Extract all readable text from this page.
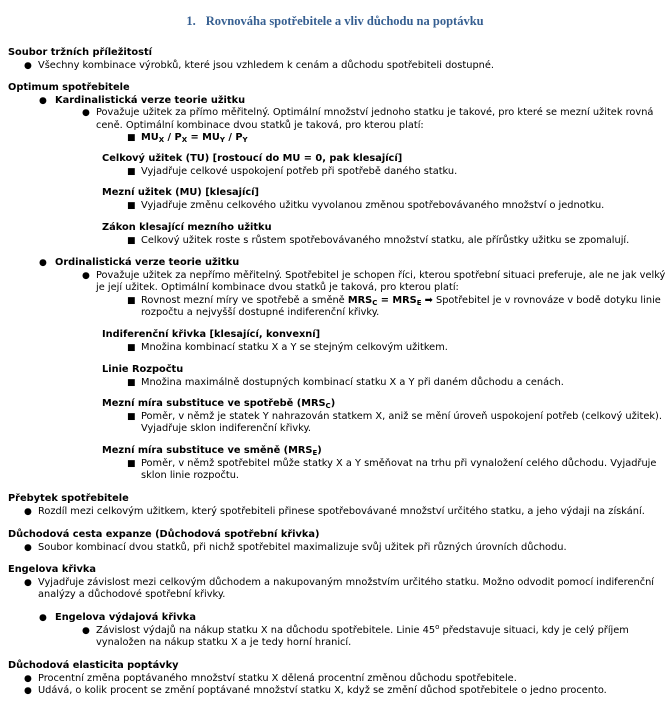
1. Rovnováha spotřebitele a vliv důchodu na poptávku
Soubor tržních příležitostí
● Všechny kombinace výrobků, které jsou vzhledem k cenám a důchodu spotřebiteli dostupné.
Optimum spotřebitele
● Kardinalistická verze teorie užitku
● Považuje užitek za přímo měřitelný. Optimální množství jednoho statku je takové, pro které se mezní užitek rovná ceně. Optimální kombinace dvou statků je taková, pro kterou platí:
■ $MU_X / P_X = MU_Y / P_Y$
Celkový užitek (TU) [rostoucí do MU = 0, pak klesající]
■ Vyjadřuje celkové uspokojení potřeb při spotřebě daného statku.
Mezní užitek (MU) [klesající]
■ Vyjadřuje změnu celkového užitku vyvolanou změnou spotřebovávaného množství o jednotku.
Zákon klesající mezního užitku
■ Celkový užitek roste s růstem spotřebovávaného množství statku, ale přírůstky užitku se zpomalují.
● Ordinalistická verze teorie užitku
● Považuje užitek za nepřímo měřitelný. Spotřebitel je schopen říci, kterou spotřební situaci preferuje, ale ne jak velký je její užitek. Optimální kombinace dvou statků je taková, pro kterou platí:
■ Rovnost mezní míry ve spotřebě a směně $MRS_C = MRS_E$ ➡ Spotřebitel je v rovnováze v bodě dotyku linie rozpočtu a nejvyšší dostupné indiferenční křivky.
Indiferenční křivka [klesající, konvexní]
■ Množina kombinací statku X a Y se stejným celkovým užitkem.
Linie Rozpočtu
■ Množina maximálně dostupných kombinací statku X a Y při daném důchodu a cenách.
Mezní míra substituce ve spotřebě $(MRS_C)$
■ Poměr, v němž je statek Y nahrazován statkem X, aniž se mění úroveň uspokojení potřeb (celkový užitek). Vyjadřuje sklon indiferenční křivky.
Mezní míra substituce ve směně $(MRS_E)$
■ Poměr, v němž spotřebitel může statky X a Y směňovat na trhu při vynaložení celého důchodu. Vyjadřuje sklon linie rozpočtu.
Přebytek spotřebitele
● Rozdíl mezi celkovým užitkem, který spotřebiteli přinese spotřebovávané množství určitého statku, a jeho výdaji na získání.
Důchodová cesta expanze (Důchodová spotřební křivka)
● Soubor kombinací dvou statků, při nichž spotřebitel maximalizuje svůj užitek při různých úrovních důchodu.
Engelova křivka
● Vyjadřuje závislost mezi celkovým důchodem a nakupovaným množstvím určitého statku. Možno odvodit pomocí indiferenční analýzy a důchodové spotřební křivky.
● Engelova výdajová křivka
● Závislost výdajů na nákup statku X na důchodu spotřebitele. Linie 45$^o$ představuje situaci, kdy je celý příjem vynaložen na nákup statku X a je tedy horní hranicí.
Důchodová elasticita poptávky
● Procentní změna poptávaného množství statku X dělená procentní změnou důchodu spotřebitele.
● Udává, o kolik procent se změní poptávané množství statku X, když se změní důchod spotřebitele o jedno procento.
